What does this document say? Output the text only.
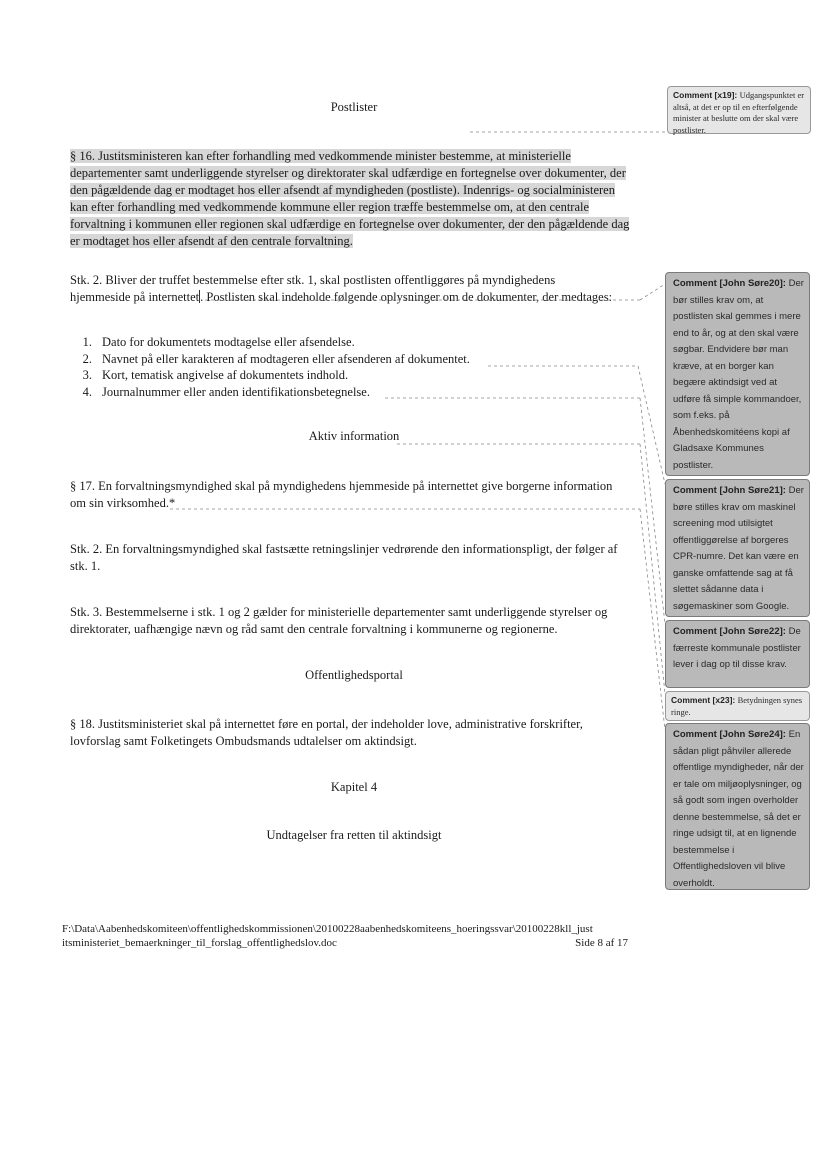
Postlister
§ 16. Justitsministeren kan efter forhandling med vedkommende minister bestemme, at ministerielle departementer samt underliggende styrelser og direktorater skal udfærdige en fortegnelse over dokumenter, der den pågældende dag er modtaget hos eller afsendt af myndigheden (postliste). Indenrigs- og socialministeren kan efter forhandling med vedkommende kommune eller region træffe bestemmelse om, at den centrale forvaltning i kommunen eller regionen skal udfærdige en fortegnelse over dokumenter, der den pågældende dag er modtaget hos eller afsendt af den centrale forvaltning.
Stk. 2. Bliver der truffet bestemmelse efter stk. 1, skal postlisten offentliggøres på myndighedens
hjemmeside på internettet. Postlisten skal indeholde følgende oplysninger om de dokumenter, der medtages:
1. Dato for dokumentets modtagelse eller afsendelse.
2. Navnet på eller karakteren af modtageren eller afsenderen af dokumentet.
3. Kort, tematisk angivelse af dokumentets indhold.
4. Journalnummer eller anden identifikationsbetegnelse.
Aktiv information
§ 17. En forvaltningsmyndighed skal på myndighedens hjemmeside på internettet give borgerne information
om sin virksomhed.*
Stk. 2. En forvaltningsmyndighed skal fastsætte retningslinjer vedrørende den informationspligt, der følger af stk. 1.
Stk. 3. Bestemmelserne i stk. 1 og 2 gælder for ministerielle departementer samt underliggende styrelser og direktorater, uafhængige nævn og råd samt den centrale forvaltning i kommunerne og regionerne.
Offentlighedsportal
§ 18. Justitsministeriet skal på internettet føre en portal, der indeholder love, administrative forskrifter, lovforslag samt Folketingets Ombudsmands udtalelser om aktindsigt.
Kapitel 4
Undtagelser fra retten til aktindsigt
F:\Data\Aabenhedskomiteen\offentlighedskommissionen\20100228aabenhedskomiteens_hoeringssvar\20100228kll_just
itsministeriet_bemaerkninger_til_forslag_offentlighedslov.doc	Side 8 af 17
Comment [x19]: Udgangspunktet er altså, at det er op til en efterfølgende minister at beslutte om der skal være postlister.
Comment [John Søre20]: Der bør stilles krav om, at postlisten skal gemmes i mere end to år, og at den skal være søgbar. Endvidere bør man kræve, at en borger kan begære aktindsigt ved at udføre få simple kommandoer, som f.eks. på Åbenhedskomitéens kopi af Gladsaxe Kommunes postlister.
Comment [John Søre21]: Der børe stilles krav om maskinel screening mod utilsigtet offentliggørelse af borgeres CPR-numre. Det kan være en ganske omfattende sag at få slettet sådanne data i søgemaskiner som Google.
Comment [John Søre22]: De færreste kommunale postlister lever i dag op til disse krav.
Comment [x23]: Betydningen synes ringe.
Comment [John Søre24]: En sådan pligt påhviler allerede offentlige myndigheder, når der er tale om miljøoplysninger, og så godt som ingen overholder denne bestemmelse, så det er ringe udsigt til, at en lignende bestemmelse i Offentlighedsloven vil blive overholdt.
